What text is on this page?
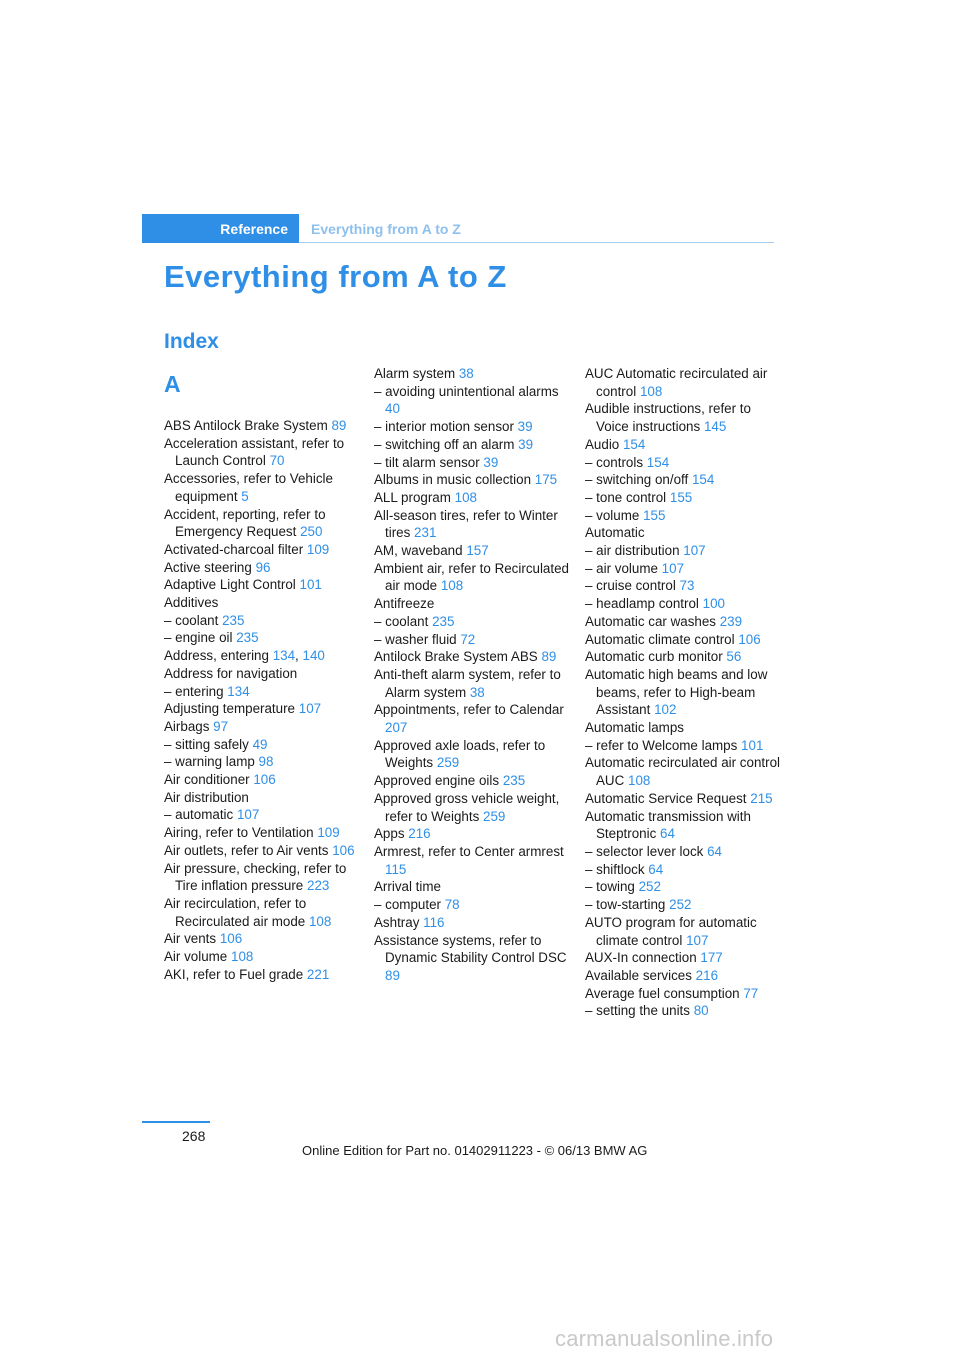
Reference Everything from A to Z
Everything from A to Z
Index
A

ABS Antilock Brake System 89

Acceleration assistant, refer to Launch Control 70

Accessories, refer to Vehicle equipment 5

Accident, reporting, refer to Emergency Request 250

Activated-charcoal filter 109

Active steering 96

Adaptive Light Control 101

Additives

– coolant 235

– engine oil 235

Address, entering 134, 140

Address for navigation

– entering 134

Adjusting temperature 107

Airbags 97

– sitting safely 49

– warning lamp 98

Air conditioner 106

Air distribution

– automatic 107

Airing, refer to Ventilation 109

Air outlets, refer to Air vents 106

Air pressure, checking, refer to Tire inflation pressure 223

Air recirculation, refer to Recirculated air mode 108

Air vents 106

Air volume 108

AKI, refer to Fuel grade 221

Alarm system 38

– avoiding unintentional alarms 40

– interior motion sensor 39

– switching off an alarm 39

– tilt alarm sensor 39

Albums in music collection 175

ALL program 108

All-season tires, refer to Winter tires 231

AM, waveband 157

Ambient air, refer to Recirculated air mode 108

Antifreeze

– coolant 235

– washer fluid 72

Antilock Brake System ABS 89

Anti-theft alarm system, refer to Alarm system 38

Appointments, refer to Calendar 207

Approved axle loads, refer to Weights 259

Approved engine oils 235

Approved gross vehicle weight, refer to Weights 259

Apps 216

Armrest, refer to Center armrest 115

Arrival time

– computer 78

Ashtray 116

Assistance systems, refer to Dynamic Stability Control DSC 89

AUC Automatic recirculated air control 108

Audible instructions, refer to Voice instructions 145

Audio 154

– controls 154

– switching on/off 154

– tone control 155

– volume 155

Automatic

– air distribution 107

– air volume 107

– cruise control 73

– headlamp control 100

Automatic car washes 239

Automatic climate control 106

Automatic curb monitor 56

Automatic high beams and low beams, refer to High-beam Assistant 102

Automatic lamps

– refer to Welcome lamps 101

Automatic recirculated air control AUC 108

Automatic Service Request 215

Automatic transmission with Steptronic 64

– selector lever lock 64

– shiftlock 64

– towing 252

– tow-starting 252

AUTO program for automatic climate control 107

AUX-In connection 177

Available services 216

Average fuel consumption 77

– setting the units 80

268
Online Edition for Part no. 01402911223 - © 06/13 BMW AG
carmanualsonline.info
